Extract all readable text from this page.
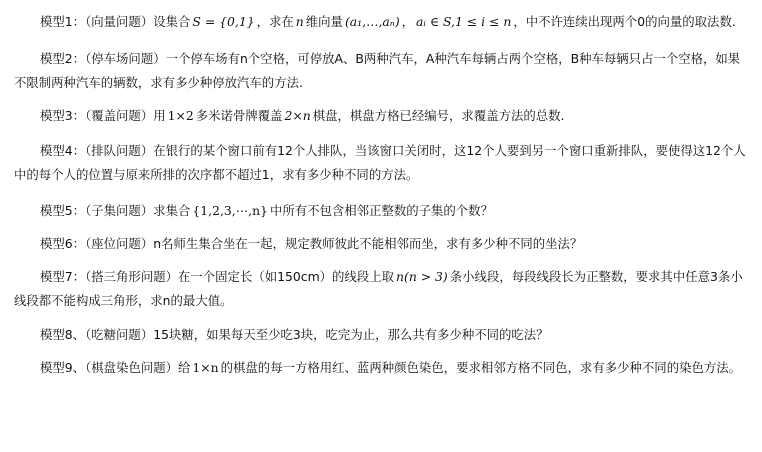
模型1：（向量问题）设集合 S = {0,1} ，求在 n 维向量 (a₁,…,aₙ) ， aᵢ ∈ S,1 ≤ i ≤ n ，中不许连续出现两个0的向量的取法数.

模型2：（停车场问题）一个停车场有n个空格，可停放A、B两种汽车，A种汽车每辆占两个空格，B种车每辆只占一个空格，如果不限制两种汽车的辆数，求有多少种停放汽车的方法.

模型3：（覆盖问题）用 1×2 多米诺骨牌覆盖 2×n 棋盘，棋盘方格已经编号，求覆盖方法的总数.

模型4：（排队问题）在银行的某个窗口前有12个人排队，当该窗口关闭时，这12个人要到另一个窗口重新排队，要使得这12个人中的每个人的位置与原来所排的次序都不超过1，求有多少种不同的方法。

模型5：（子集问题）求集合 {1,2,3,⋯,n} 中所有不包含相邻正整数的子集的个数？

模型6：（座位问题）n名师生集合坐在一起，规定教师彼此不能相邻而坐，求有多少种不同的坐法？

模型7：（搭三角形问题）在一个固定长（如150cm）的线段上取 n(n > 3) 条小线段，每段线段长为正整数，要求其中任意3条小线段都不能构成三角形，求n的最大值。

模型8、（吃糖问题）15块糖，如果每天至少吃3块，吃完为止，那么共有多少种不同的吃法？

模型9、（棋盘染色问题）给 1×n 的棋盘的每一方格用红、蓝两种颜色染色，要求相邻方格不同色，求有多少种不同的染色方法。
